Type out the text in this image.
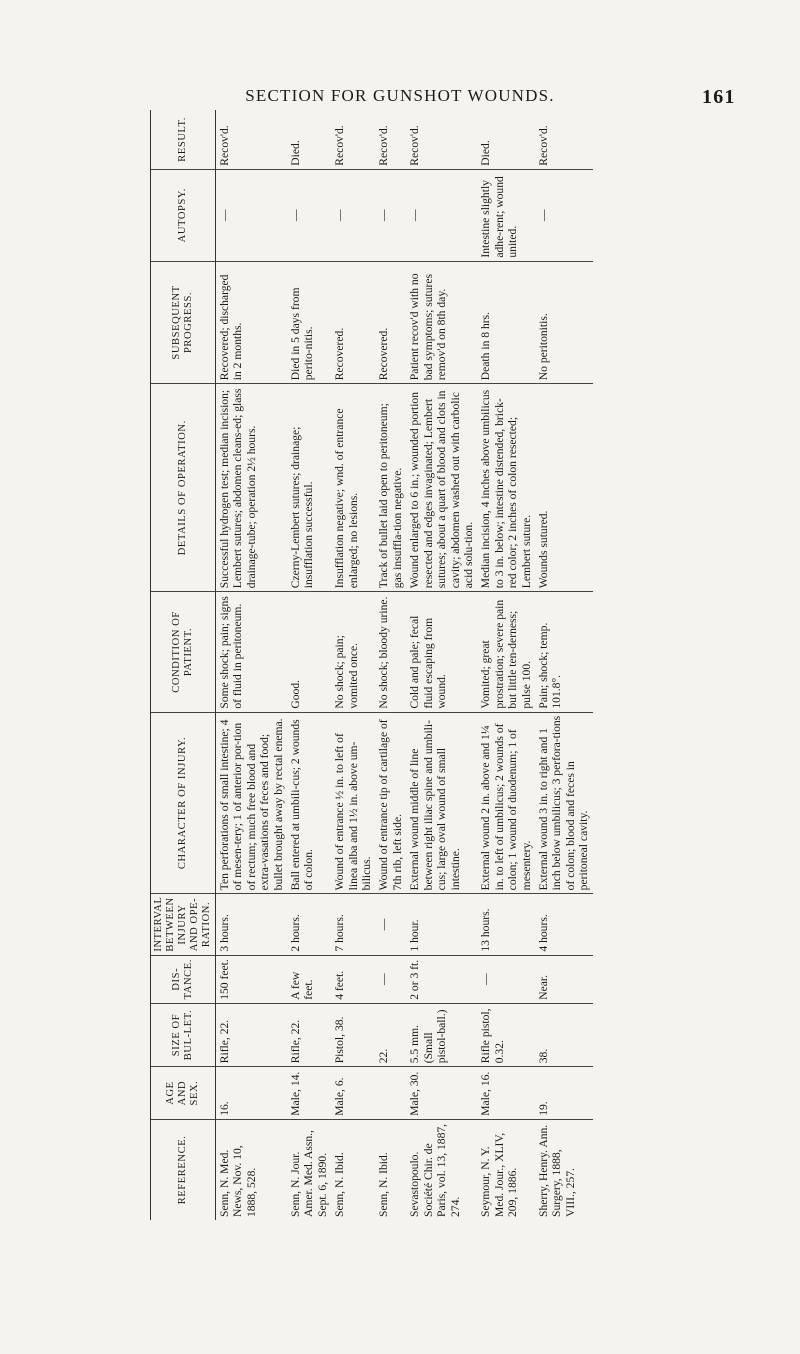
SECTION FOR GUNSHOT WOUNDS.	161
REFERENCE.	AGE AND SEX.	SIZE OF BUL-LET.	DIS-TANCE.	INTERVAL BETWEEN INJURY AND OPE-RATION.	CHARACTER OF INJURY.	CONDITION OF PATIENT.	DETAILS OF OPERATION.	SUBSEQUENT PROGRESS.	AUTOPSY.	RESULT.
Senn, N. Med. News, Nov. 10, 1888, 528.	16.	Rifle, 22.	150 feet.	3 hours.	Ten perforations of small intestine; 4 of mesen-tery; 1 of anterior por-tion of rectum; much free blood and extra-vasations of feces and food; bullet brought away by rectal enema.	Some shock; pain; signs of fluid in peritoneum.	Successful hydrogen test; median incision; Lembert sutures; abdomen cleans-ed; glass drainage-tube; operation 2½ hours.	Recovered; discharged in 2 months.	—	Recov'd.
Senn, N. Jour. Amer. Med. Assn., Sept. 6, 1890.	Male, 14.	Rifle, 22.	A few feet.	2 hours.	Ball entered at umbili-cus; 2 wounds of colon.	Good.	Czerny-Lembert sutures; drainage; insufflation successful.	Died in 5 days from perito-nitis.	—	Died.
Senn, N. Ibid.	Male, 6.	Pistol, 38.	4 feet.	7 hours.	Wound of entrance ½ in. to left of linea alba and 1½ in. above um-bilicus.	No shock; pain; vomited once.	Insufflation negative; wnd. of entrance enlarged; no lesions.	Recovered.	—	Recov'd.
Senn, N. Ibid.		22.	—	—	Wound of entrance tip of cartilage of 7th rib, left side.	No shock; bloody urine.	Track of bullet laid open to peritoneum; gas insuffla-tion negative.	Recovered.	—	Recov'd.
Sevastopoulo. Société Chir. de Paris, vol. 13, 1887, 274.	Male, 30.	5.5 mm. (Small pistol-ball.)	2 or 3 ft.	1 hour.	External wound middle of line between right iliac spine and umbili-cus; large oval wound of small intestine.	Cold and pale; fecal fluid escaping from wound.	Wound enlarged to 6 in.; wounded portion resected and edges invaginated; Lembert sutures; about a quart of blood and clots in cavity; abdomen washed out with carbolic acid solu-tion.	Patient recov'd with no bad symptoms; sutures remov'd on 8th day.	—	Recov'd.
Seymour, N. Y. Med. Jour., XLIV, 209, 1886.	Male, 16.	Rifle pistol, 0.32.	—	13 hours.	External wound 2 in. above and 1¼ in. to left of umbilicus; 2 wounds of colon; 1 wound of duodenum; 1 of mesentery.	Vomited; great prostration; severe pain but little ten-derness; pulse 100.	Median incision, 4 inches above umbilicus to 3 in. below; intestine distended, brick-red color; 2 inches of colon resected; Lembert suture.	Death in 8 hrs.	Intestine slightly adhe-rent; wound united.	Died.
Sherry, Henry. Ann. Surgery, 1888, VIII., 257.	19.	38.	Near.	4 hours.	External wound 3 in. to right and 1 inch below umbilicus; 3 perfora-tions of colon; blood and feces in peritoneal cavity.	Pain; shock; temp. 101.8°.	Wounds sutured.	No peritonitis.	—	Recov'd.
